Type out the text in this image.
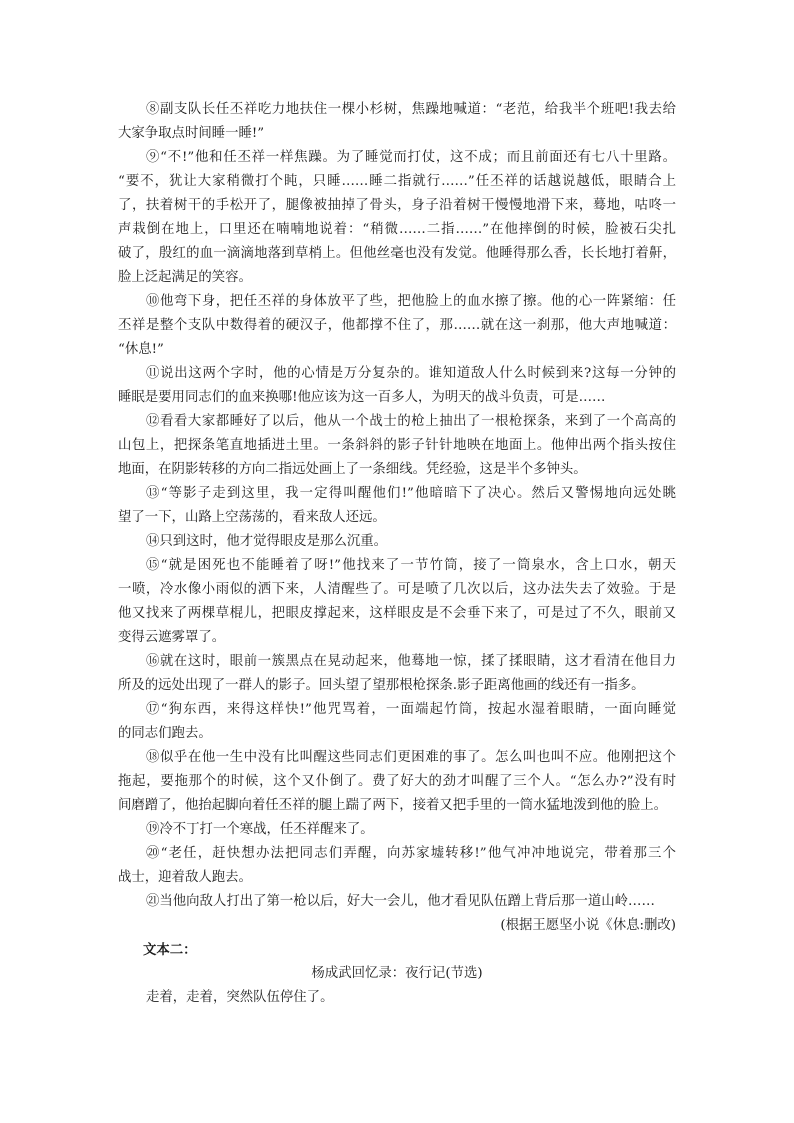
⑧副支队长任丕祥吃力地扶住一棵小杉树，焦躁地喊道：“老范，给我半个班吧!我去给
大家争取点时间睡一睡!”
⑨“不!”他和任丕祥一样焦躁。为了睡觉而打仗，这不成；而且前面还有七八十里路。
“要不，犹让大家稍微打个盹，只睡……睡二指就行……”任丕祥的话越说越低，眼睛合上
了，扶着树干的手松开了，腿像被抽掉了骨头，身子沿着树干慢慢地滑下来，蓦地，咕咚一
声栽倒在地上，口里还在喃喃地说着：“稍微……二指……”在他摔倒的时候，脸被石尖扎
破了，殷红的血一滴滴地落到草梢上。但他丝毫也没有发觉。他睡得那么香，长长地打着鼾，
脸上泛起满足的笑容。
⑩他弯下身，把任丕祥的身体放平了些，把他脸上的血水擦了擦。他的心一阵紧缩：任
丕祥是整个支队中数得着的硬汉子，他都撑不住了，那……就在这一刹那，他大声地喊道：
“休息!”
⑪说出这两个字时，他的心情是万分复杂的。谁知道敌人什么时候到来?这每一分钟的
睡眠是要用同志们的血来换哪!他应该为这一百多人，为明天的战斗负责，可是……
⑫看看大家都睡好了以后，他从一个战士的枪上抽出了一根枪探条，来到了一个高高的
山包上，把探条笔直地插进土里。一条斜斜的影子针针地映在地面上。他伸出两个指头按住
地面，在阴影转移的方向二指远处画上了一条细线。凭经验，这是半个多钟头。
⑬“等影子走到这里，我一定得叫醒他们!”他暗暗下了决心。然后又警惕地向远处眺
望了一下，山路上空荡荡的，看来敌人还远。
⑭只到这时，他才觉得眼皮是那么沉重。
⑮“就是困死也不能睡着了呀!”他找来了一节竹筒，接了一筒泉水，含上口水，朝天
一喷，冷水像小雨似的洒下来，人清醒些了。可是喷了几次以后，这办法失去了效验。于是
他又找来了两棵草棍儿，把眼皮撑起来，这样眼皮是不会垂下来了，可是过了不久，眼前又
变得云遮雾罩了。
⑯就在这时，眼前一簇黑点在晃动起来，他蓦地一惊，揉了揉眼睛，这才看清在他目力
所及的远处出现了一群人的影子。回头望了望那根枪探条.影子距离他画的线还有一指多。
⑰“狗东西，来得这样快!”他咒骂着，一面端起竹筒，按起水湿着眼睛，一面向睡觉
的同志们跑去。
⑱似乎在他一生中没有比叫醒这些同志们更困难的事了。怎么叫也叫不应。他刚把这个
拖起，要拖那个的时候，这个又仆倒了。费了好大的劲才叫醒了三个人。“怎么办?”没有时
间磨蹭了，他抬起脚向着任丕祥的腿上踹了两下，接着又把手里的一筒水猛地泼到他的脸上。
⑲冷不丁打一个寒战，任丕祥醒来了。
⑳“老任，赶快想办法把同志们弄醒，向苏家墟转移!”他气冲冲地说完，带着那三个
战士，迎着敌人跑去。
㉑当他向敌人打出了第一枪以后，好大一会儿，他才看见队伍蹭上背后那一道山岭……
(根据王愿坚小说《休息:删改)
文本二：
杨成武回忆录：夜行记(节选)
走着，走着，突然队伍停住了。
